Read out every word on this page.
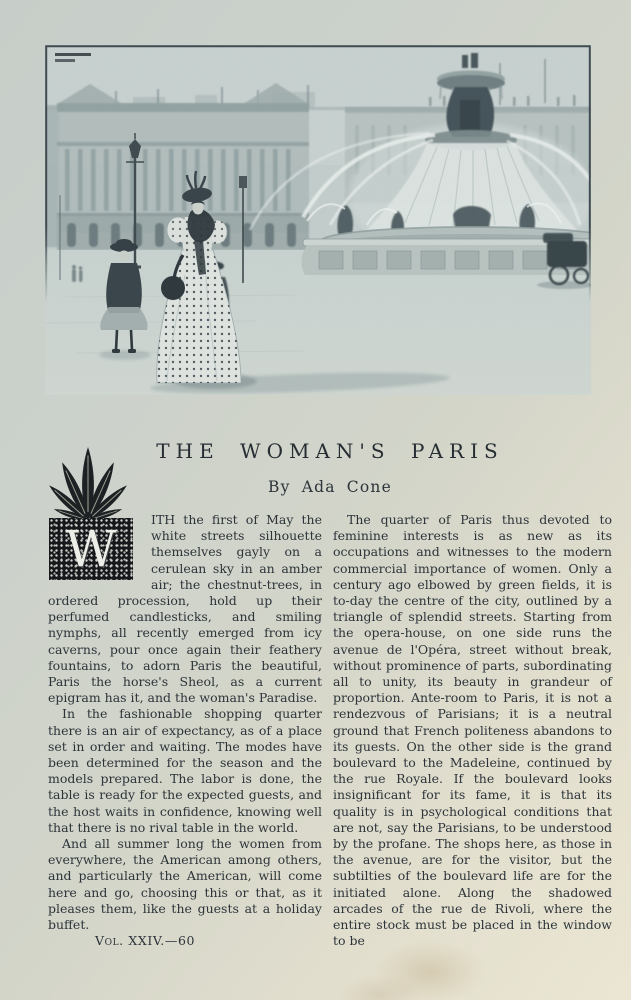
THE WOMAN'S PARIS
By Ada Cone

W
ITH the first of May the white streets silhouette themselves gayly on a cerulean sky in an amber air; the chestnut-trees, in ordered procession, hold up their perfumed candlesticks, and smiling nymphs, all recently emerged from icy caverns, pour once again their feathery fountains, to adorn Paris the beautiful, Paris the horse's Sheol, as a current epigram has it, and the woman's Paradise.

In the fashionable shopping quarter there is an air of expectancy, as of a place set in order and waiting. The modes have been determined for the season and the models prepared. The labor is done, the table is ready for the expected guests, and the host waits in confidence, knowing well that there is no rival table in the world.

And all summer long the women from everywhere, the American among others, and particularly the American, will come here and go, choosing this or that, as it pleases them, like the guests at a holiday buffet.

The quarter of Paris thus devoted to feminine interests is as new as its occupations and witnesses to the modern commercial importance of women. Only a century ago elbowed by green fields, it is to-day the centre of the city, outlined by a triangle of splendid streets. Starting from the opera-house, on one side runs the avenue de l'Opéra, street without break, without prominence of parts, subordinating all to unity, its beauty in grandeur of proportion. Ante-room to Paris, it is not a rendezvous of Parisians; it is a neutral ground that French politeness abandons to its guests. On the other side is the grand boulevard to the Madeleine, continued by the rue Royale. If the boulevard looks insignificant for its fame, it is that its quality is in psychological conditions that are not, say the Parisians, to be understood by the profane. The shops here, as those in the avenue, are for the visitor, but the subtilties of the boulevard life are for the initiated alone. Along the shadowed arcades of the rue de Rivoli, where the entire stock must be placed in the window to be

Vol. XXIV.—60
